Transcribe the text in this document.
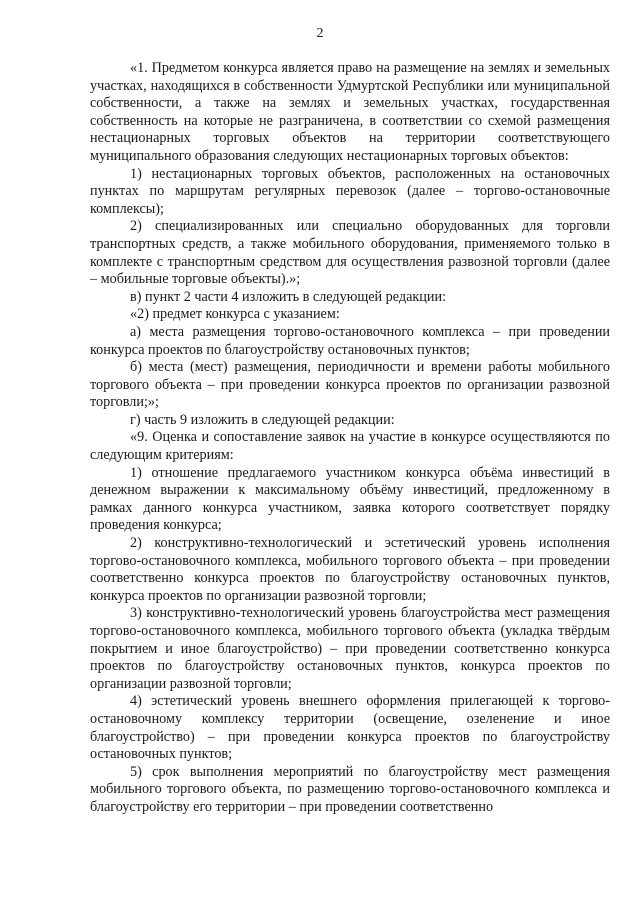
2

«1. Предметом конкурса является право на размещение на землях и земельных участках, находящихся в собственности Удмуртской Республики или муниципальной собственности, а также на землях и земельных участках, государственная собственность на которые не разграничена, в соответствии со схемой размещения нестационарных торговых объектов на территории соответствующего муниципального образования следующих нестационарных торговых объектов:

1) нестационарных торговых объектов, расположенных на остановочных пунктах по маршрутам регулярных перевозок (далее – торгово-остановочные комплексы);

2) специализированных или специально оборудованных для торговли транспортных средств, а также мобильного оборудования, применяемого только в комплекте с транспортным средством для осуществления развозной торговли (далее – мобильные торговые объекты).»;

в) пункт 2 части 4 изложить в следующей редакции:

«2) предмет конкурса с указанием:

а) места размещения торгово-остановочного комплекса – при проведении конкурса проектов по благоустройству остановочных пунктов;

б) места (мест) размещения, периодичности и времени работы мобильного торгового объекта – при проведении конкурса проектов по организации развозной торговли;»;

г) часть 9 изложить в следующей редакции:

«9. Оценка и сопоставление заявок на участие в конкурсе осуществляются по следующим критериям:

1) отношение предлагаемого участником конкурса объёма инвестиций в денежном выражении к максимальному объёму инвестиций, предложенному в рамках данного конкурса участником, заявка которого соответствует порядку проведения конкурса;

2) конструктивно-технологический и эстетический уровень исполнения торгово-остановочного комплекса, мобильного торгового объекта – при проведении соответственно конкурса проектов по благоустройству остановочных пунктов, конкурса проектов по организации развозной торговли;

3) конструктивно-технологический уровень благоустройства мест размещения торгово-остановочного комплекса, мобильного торгового объекта (укладка твёрдым покрытием и иное благоустройство) – при проведении соответственно конкурса проектов по благоустройству остановочных пунктов, конкурса проектов по организации развозной торговли;

4) эстетический уровень внешнего оформления прилегающей к торгово-остановочному комплексу территории (освещение, озеленение и иное благоустройство) – при проведении конкурса проектов по благоустройству остановочных пунктов;

5) срок выполнения мероприятий по благоустройству мест размещения мобильного торгового объекта, по размещению торгово-остановочного комплекса и благоустройству его территории – при проведении соответственно
